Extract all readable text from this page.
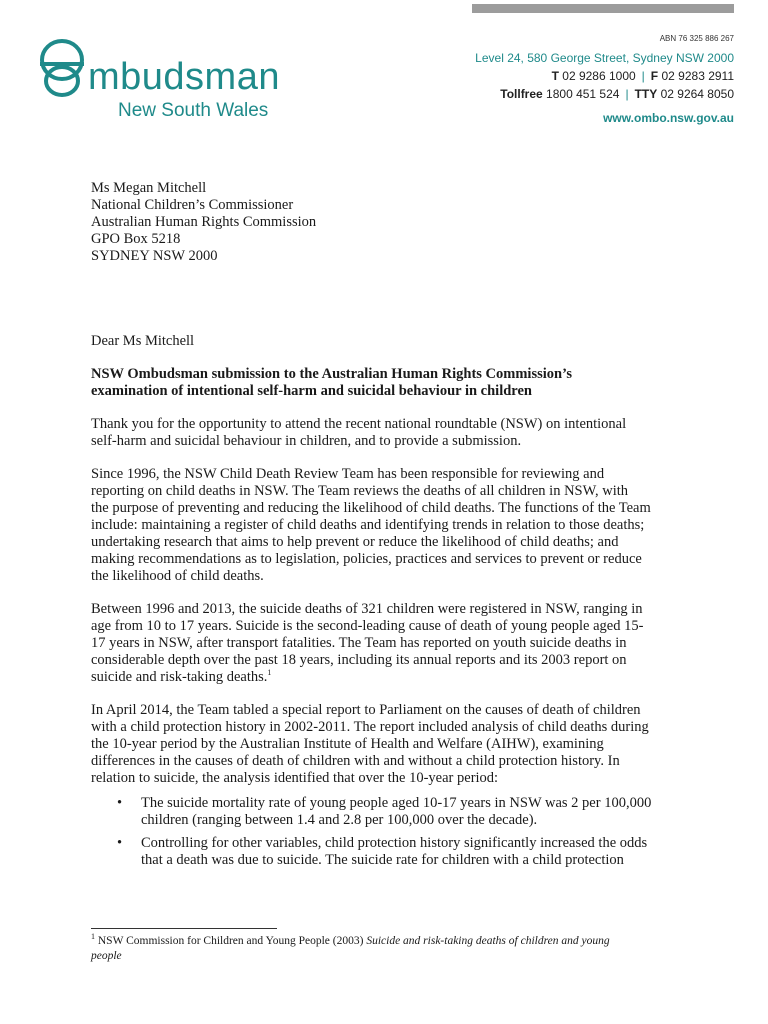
mbudsman
New South Wales
ABN 76 325 886 267
Level 24, 580 George Street, Sydney NSW 2000
T 02 9286 1000 | F 02 9283 2911
Tollfree 1800 451 524 | TTY 02 9264 8050
www.ombo.nsw.gov.au
Ms Megan Mitchell
National Children’s Commissioner
Australian Human Rights Commission
GPO Box 5218
SYDNEY NSW 2000

Dear Ms Mitchell

NSW Ombudsman submission to the Australian Human Rights Commission’s
examination of intentional self-harm and suicidal behaviour in children

Thank you for the opportunity to attend the recent national roundtable (NSW) on intentional
self-harm and suicidal behaviour in children, and to provide a submission.

Since 1996, the NSW Child Death Review Team has been responsible for reviewing and
reporting on child deaths in NSW. The Team reviews the deaths of all children in NSW, with
the purpose of preventing and reducing the likelihood of child deaths. The functions of the Team
include: maintaining a register of child deaths and identifying trends in relation to those deaths;
undertaking research that aims to help prevent or reduce the likelihood of child deaths; and
making recommendations as to legislation, policies, practices and services to prevent or reduce
the likelihood of child deaths.

Between 1996 and 2013, the suicide deaths of 321 children were registered in NSW, ranging in
age from 10 to 17 years. Suicide is the second-leading cause of death of young people aged 15-
17 years in NSW, after transport fatalities. The Team has reported on youth suicide deaths in
considerable depth over the past 18 years, including its annual reports and its 2003 report on
suicide and risk-taking deaths.$^1$

In April 2014, the Team tabled a special report to Parliament on the causes of death of children
with a child protection history in 2002-2011. The report included analysis of child deaths during
the 10-year period by the Australian Institute of Health and Welfare (AIHW), examining
differences in the causes of death of children with and without a child protection history. In
relation to suicide, the analysis identified that over the 10-year period:

• The suicide mortality rate of young people aged 10-17 years in NSW was 2 per 100,000
children (ranging between 1.4 and 2.8 per 100,000 over the decade).
• Controlling for other variables, child protection history significantly increased the odds
that a death was due to suicide. The suicide rate for children with a child protection
$^1$ NSW Commission for Children and Young People (2003) Suicide and risk-taking deaths of children and young
people
